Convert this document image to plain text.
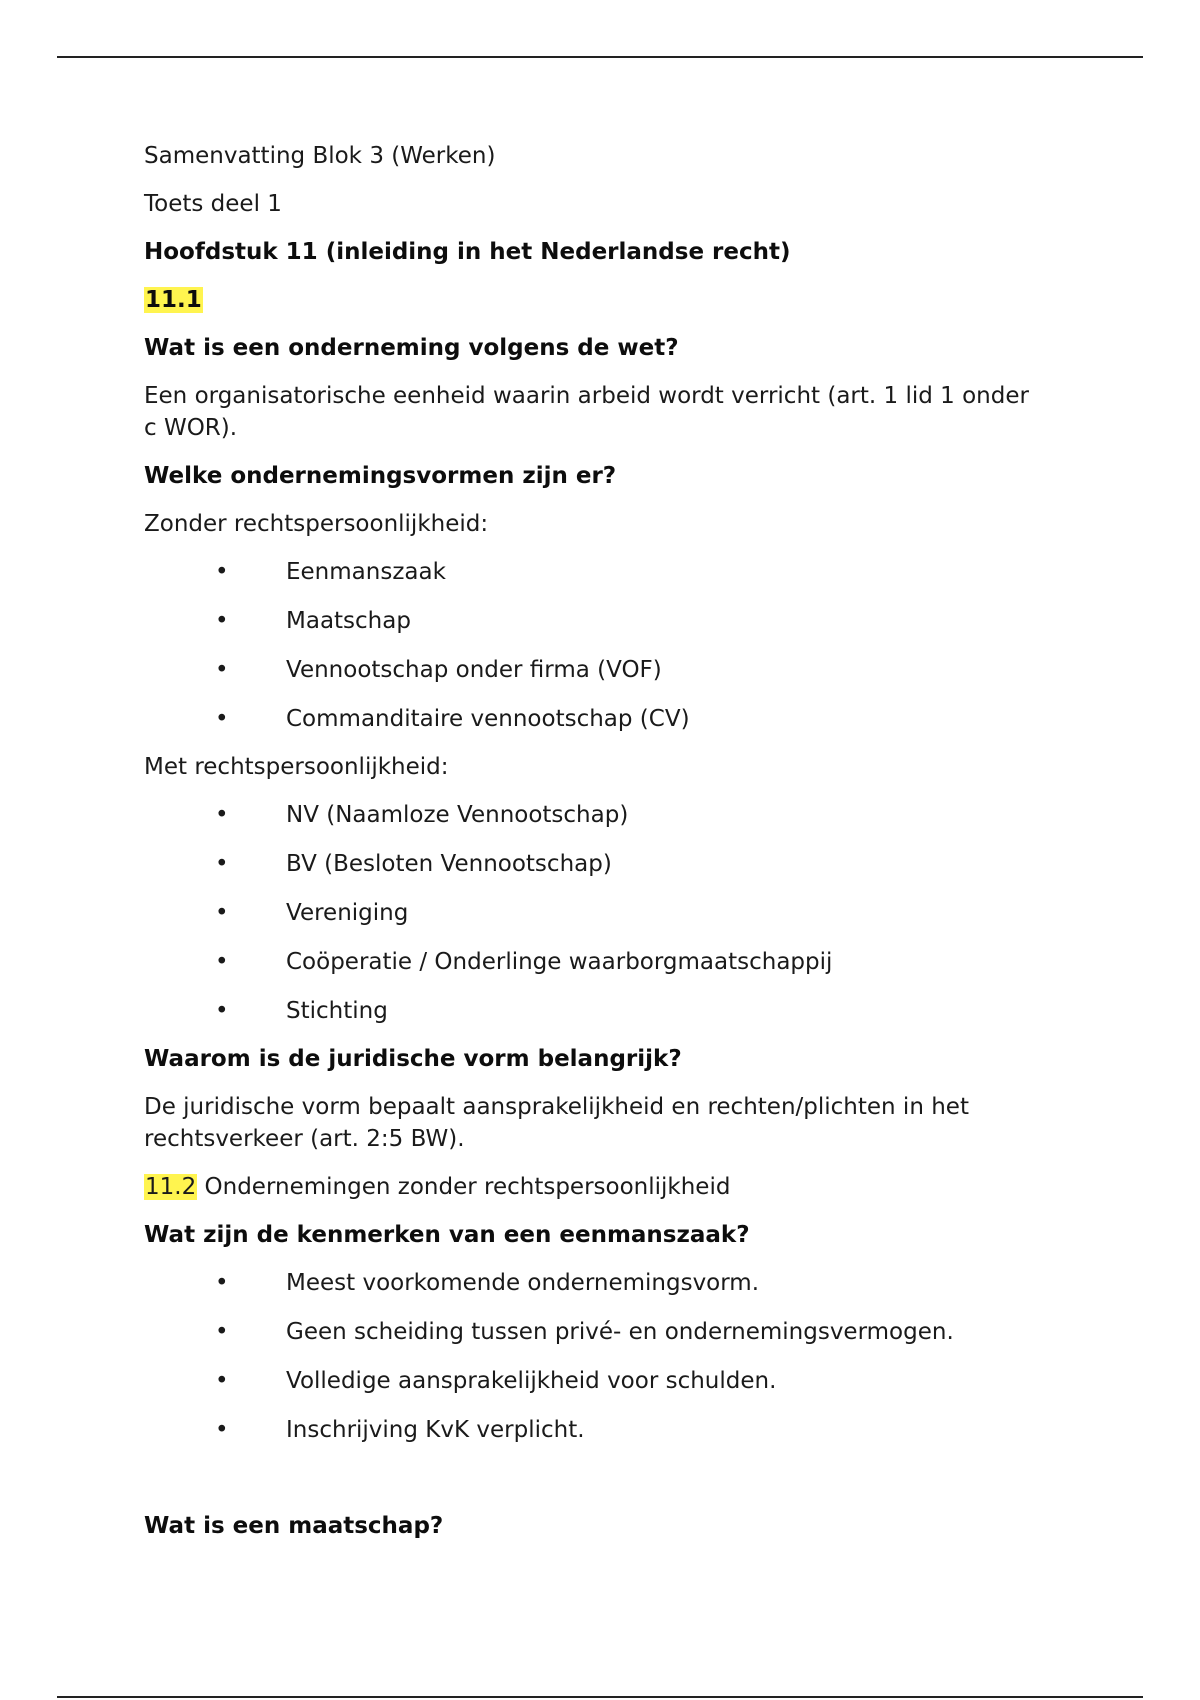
Samenvatting Blok 3 (Werken)

Toets deel 1

Hoofdstuk 11 (inleiding in het Nederlandse recht)

11.1

Wat is een onderneming volgens de wet?

Een organisatorische eenheid waarin arbeid wordt verricht (art. 1 lid 1 onder c WOR).

Welke ondernemingsvormen zijn er?

Zonder rechtspersoonlijkheid:

• Eenmanszaak
• Maatschap
• Vennootschap onder firma (VOF)
• Commanditaire vennootschap (CV)

Met rechtspersoonlijkheid:

• NV (Naamloze Vennootschap)
• BV (Besloten Vennootschap)
• Vereniging
• Coöperatie / Onderlinge waarborgmaatschappij
• Stichting

Waarom is de juridische vorm belangrijk?

De juridische vorm bepaalt aansprakelijkheid en rechten/plichten in het rechtsverkeer (art. 2:5 BW).

11.2 Ondernemingen zonder rechtspersoonlijkheid

Wat zijn de kenmerken van een eenmanszaak?

• Meest voorkomende ondernemingsvorm.
• Geen scheiding tussen privé- en ondernemingsvermogen.
• Volledige aansprakelijkheid voor schulden.
• Inschrijving KvK verplicht.

Wat is een maatschap?
